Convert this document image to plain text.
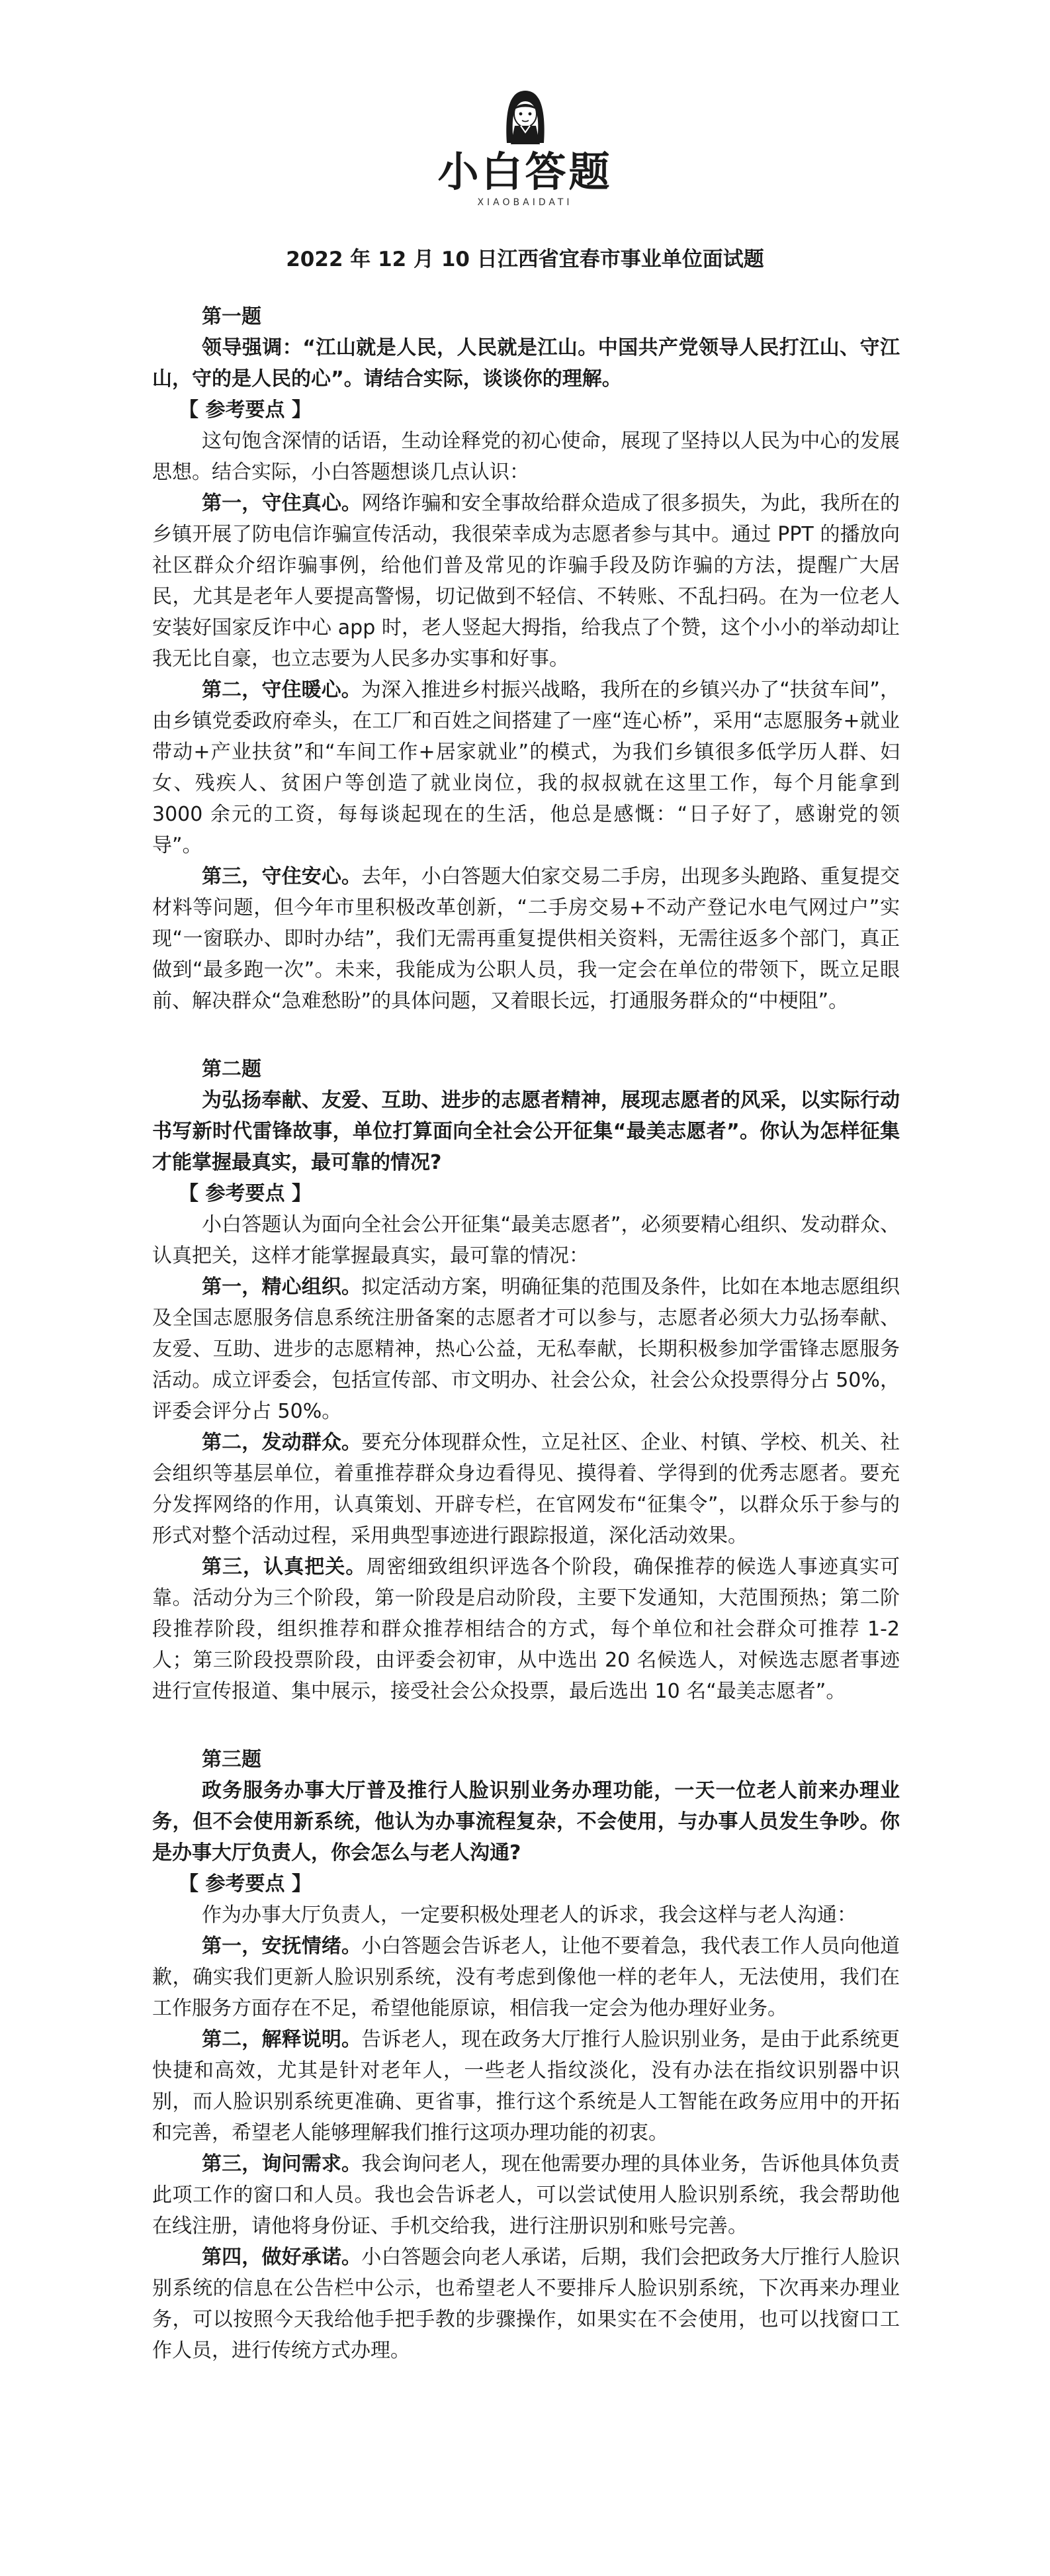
小白答题
XIAOBAIDATI
2022 年 12 月 10 日江西省宜春市事业单位面试题

第一题

领导强调：“江山就是人民，人民就是江山。中国共产党领导人民打江山、守江山，守的是人民的心”。请结合实际，谈谈你的理解。

【 参考要点 】

这句饱含深情的话语，生动诠释党的初心使命，展现了坚持以人民为中心的发展思想。结合实际，小白答题想谈几点认识：

第一，守住真心。网络诈骗和安全事故给群众造成了很多损失，为此，我所在的乡镇开展了防电信诈骗宣传活动，我很荣幸成为志愿者参与其中。通过 PPT 的播放向社区群众介绍诈骗事例，给他们普及常见的诈骗手段及防诈骗的方法，提醒广大居民，尤其是老年人要提高警惕，切记做到不轻信、不转账、不乱扫码。在为一位老人安装好国家反诈中心 app 时，老人竖起大拇指，给我点了个赞，这个小小的举动却让我无比自豪，也立志要为人民多办实事和好事。

第二，守住暖心。为深入推进乡村振兴战略，我所在的乡镇兴办了“扶贫车间”，由乡镇党委政府牵头，在工厂和百姓之间搭建了一座“连心桥”，采用“志愿服务+就业带动+产业扶贫”和“车间工作+居家就业”的模式，为我们乡镇很多低学历人群、妇女、残疾人、贫困户等创造了就业岗位，我的叔叔就在这里工作，每个月能拿到 3000 余元的工资，每每谈起现在的生活，他总是感慨：“日子好了，感谢党的领导”。

第三，守住安心。去年，小白答题大伯家交易二手房，出现多头跑路、重复提交材料等问题，但今年市里积极改革创新，“二手房交易+不动产登记水电气网过户”实现“一窗联办、即时办结”，我们无需再重复提供相关资料，无需往返多个部门，真正做到“最多跑一次”。未来，我能成为公职人员，我一定会在单位的带领下，既立足眼前、解决群众“急难愁盼”的具体问题，又着眼长远，打通服务群众的“中梗阻”。

第二题

为弘扬奉献、友爱、互助、进步的志愿者精神，展现志愿者的风采，以实际行动书写新时代雷锋故事，单位打算面向全社会公开征集“最美志愿者”。你认为怎样征集才能掌握最真实，最可靠的情况?

【 参考要点 】

小白答题认为面向全社会公开征集“最美志愿者”，必须要精心组织、发动群众、认真把关，这样才能掌握最真实，最可靠的情况：

第一，精心组织。拟定活动方案，明确征集的范围及条件，比如在本地志愿组织及全国志愿服务信息系统注册备案的志愿者才可以参与，志愿者必须大力弘扬奉献、友爱、互助、进步的志愿精神，热心公益，无私奉献，长期积极参加学雷锋志愿服务活动。成立评委会，包括宣传部、市文明办、社会公众，社会公众投票得分占 50%，评委会评分占 50%。

第二，发动群众。要充分体现群众性，立足社区、企业、村镇、学校、机关、社会组织等基层单位，着重推荐群众身边看得见、摸得着、学得到的优秀志愿者。要充分发挥网络的作用，认真策划、开辟专栏，在官网发布“征集令”，以群众乐于参与的形式对整个活动过程，采用典型事迹进行跟踪报道，深化活动效果。

第三，认真把关。周密细致组织评选各个阶段，确保推荐的候选人事迹真实可靠。活动分为三个阶段，第一阶段是启动阶段，主要下发通知，大范围预热；第二阶段推荐阶段，组织推荐和群众推荐相结合的方式，每个单位和社会群众可推荐 1-2 人；第三阶段投票阶段，由评委会初审，从中选出 20 名候选人，对候选志愿者事迹进行宣传报道、集中展示，接受社会公众投票，最后选出 10 名“最美志愿者”。

第三题

政务服务办事大厅普及推行人脸识别业务办理功能，一天一位老人前来办理业务，但不会使用新系统，他认为办事流程复杂，不会使用，与办事人员发生争吵。你是办事大厅负责人，你会怎么与老人沟通?

【 参考要点 】

作为办事大厅负责人，一定要积极处理老人的诉求，我会这样与老人沟通：

第一，安抚情绪。小白答题会告诉老人，让他不要着急，我代表工作人员向他道歉，确实我们更新人脸识别系统，没有考虑到像他一样的老年人，无法使用，我们在工作服务方面存在不足，希望他能原谅，相信我一定会为他办理好业务。

第二，解释说明。告诉老人，现在政务大厅推行人脸识别业务，是由于此系统更快捷和高效，尤其是针对老年人，一些老人指纹淡化，没有办法在指纹识别器中识别，而人脸识别系统更准确、更省事，推行这个系统是人工智能在政务应用中的开拓和完善，希望老人能够理解我们推行这项办理功能的初衷。

第三，询问需求。我会询问老人，现在他需要办理的具体业务，告诉他具体负责此项工作的窗口和人员。我也会告诉老人，可以尝试使用人脸识别系统，我会帮助他在线注册，请他将身份证、手机交给我，进行注册识别和账号完善。

第四，做好承诺。小白答题会向老人承诺，后期，我们会把政务大厅推行人脸识别系统的信息在公告栏中公示，也希望老人不要排斥人脸识别系统，下次再来办理业务，可以按照今天我给他手把手教的步骤操作，如果实在不会使用，也可以找窗口工作人员，进行传统方式办理。
